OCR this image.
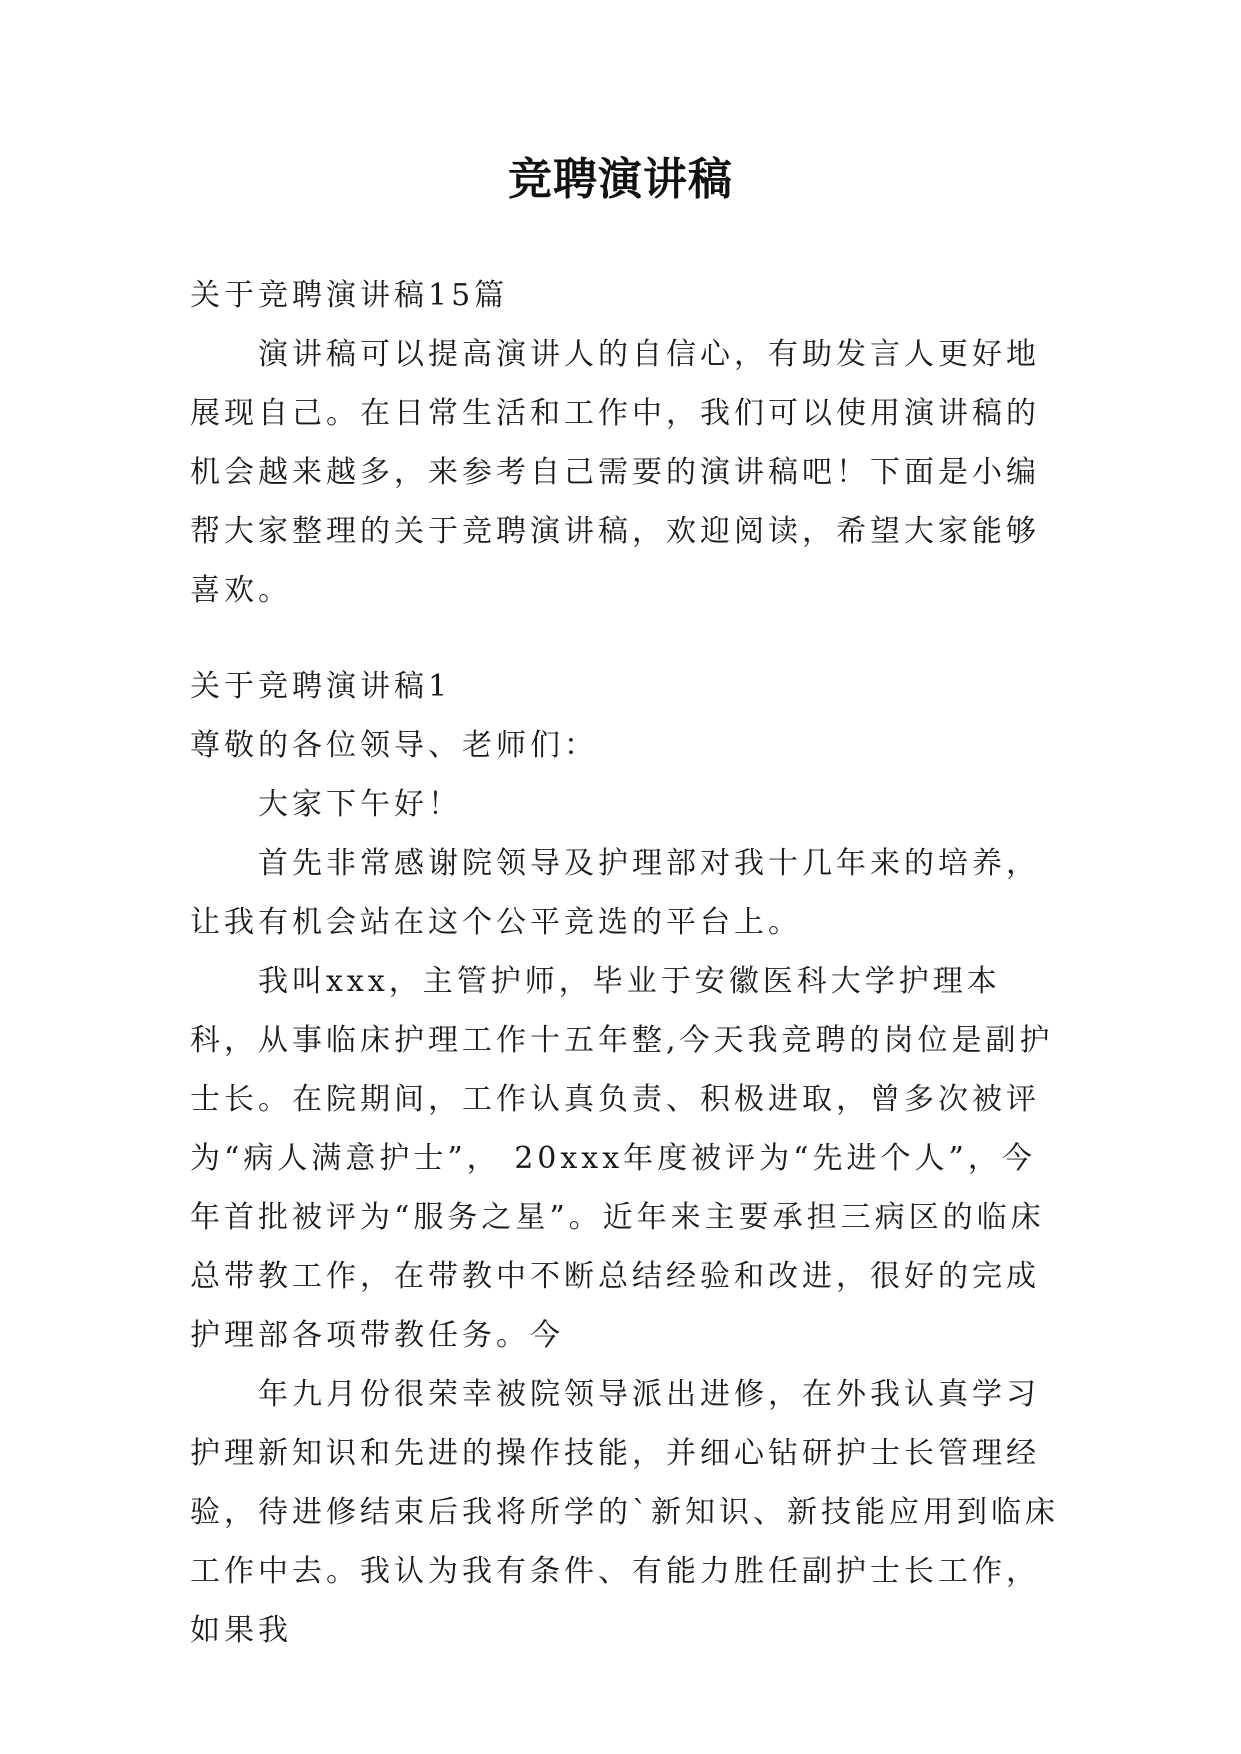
竞聘演讲稿

关于竞聘演讲稿15篇

演讲稿可以提高演讲人的自信心，有助发言人更好地展现自己。在日常生活和工作中，我们可以使用演讲稿的机会越来越多，来参考自己需要的演讲稿吧！下面是小编帮大家整理的关于竞聘演讲稿，欢迎阅读，希望大家能够喜欢。

关于竞聘演讲稿1

尊敬的各位领导、老师们：

大家下午好！

首先非常感谢院领导及护理部对我十几年来的培养，让我有机会站在这个公平竞选的平台上。

我叫xxx，主管护师，毕业于安徽医科大学护理本科，从事临床护理工作十五年整,今天我竞聘的岗位是副护士长。在院期间，工作认真负责、积极进取，曾多次被评为“病人满意护士”， 20xxx年度被评为“先进个人”，今年首批被评为“服务之星”。近年来主要承担三病区的临床总带教工作，在带教中不断总结经验和改进，很好的完成护理部各项带教任务。今

年九月份很荣幸被院领导派出进修，在外我认真学习护理新知识和先进的操作技能，并细心钻研护士长管理经验，待进修结束后我将所学的`新知识、新技能应用到临床工作中去。我认为我有条件、有能力胜任副护士长工作，如果我
